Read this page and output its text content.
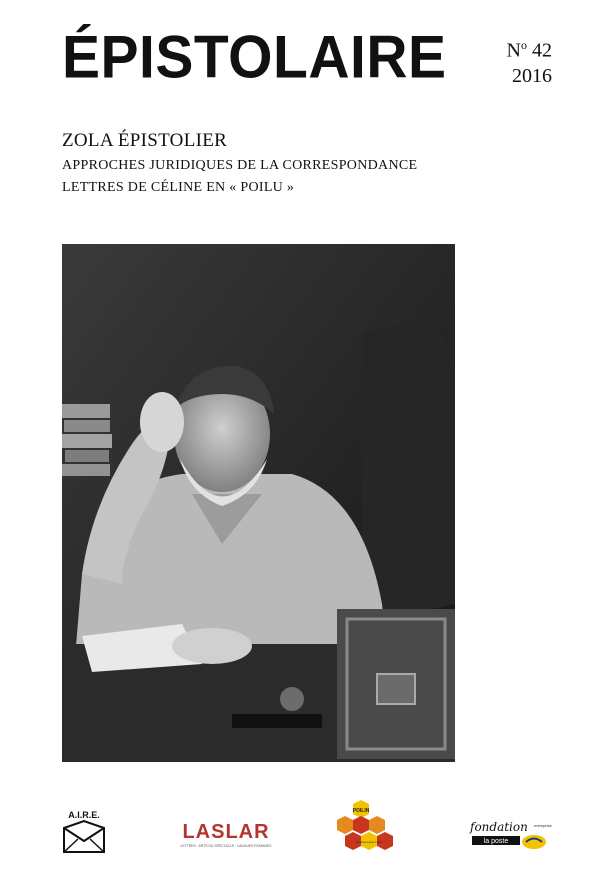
ÉPISTOLAIRE	$N^o$ 42
2016
ZOLA ÉPISTOLIER
APPROCHES JURIDIQUES DE LA CORRESPONDANCE
LETTRES DE CÉLINE EN « POILU »
A.I.R.E.
LASLAR
LETTRES · ARTS DU SPECTACLE · LANGUES ROMANES
POILIN
Prismes Lieux Liens
fondation entreprise
la poste
